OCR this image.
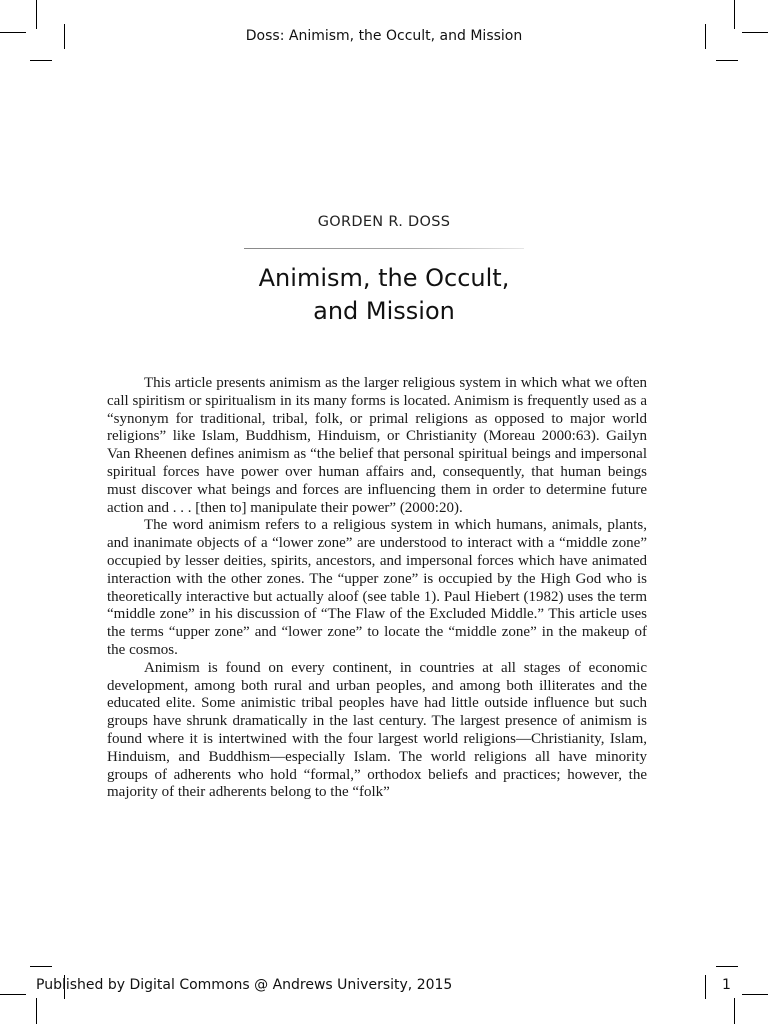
Doss: Animism, the Occult, and Mission
GORDEN R. DOSS
Animism, the Occult,
and Mission

This article presents animism as the larger religious system in which what we often call spiritism or spiritualism in its many forms is located. Animism is frequently used as a “synonym for traditional, tribal, folk, or primal religions as opposed to major world religions” like Islam, Buddhism, Hinduism, or Christianity (Moreau 2000:63). Gailyn Van Rheenen defines animism as “the belief that personal spiritual beings and impersonal spiritual forces have power over human affairs and, consequently, that human beings must discover what beings and forces are influencing them in order to determine future action and . . . [then to] manipulate their power” (2000:20).

The word animism refers to a religious system in which humans, animals, plants, and inanimate objects of a “lower zone” are understood to interact with a “middle zone” occupied by lesser deities, spirits, ancestors, and impersonal forces which have animated interaction with the other zones. The “upper zone” is occupied by the High God who is theoretically interactive but actually aloof (see table 1). Paul Hiebert (1982) uses the term “middle zone” in his discussion of “The Flaw of the Excluded Middle.” This article uses the terms “upper zone” and “lower zone” to locate the “middle zone” in the makeup of the cosmos.

Animism is found on every continent, in countries at all stages of economic development, among both rural and urban peoples, and among both illiterates and the educated elite. Some animistic tribal peoples have had little outside influence but such groups have shrunk dramatically in the last century. The largest presence of animism is found where it is intertwined with the four largest world religions—Christianity, Islam, Hinduism, and Buddhism—especially Islam. The world religions all have minority groups of adherents who hold “formal,” orthodox beliefs and practices; however, the majority of their adherents belong to the “folk”

Published by Digital Commons @ Andrews University, 2015	1
